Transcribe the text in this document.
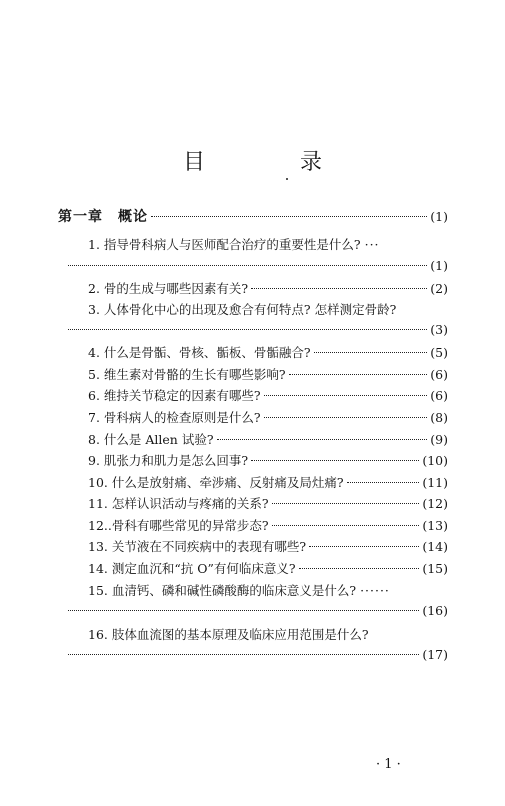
目 录
第一章　概论	(1)
1. 指导骨科病人与医师配合治疗的重要性是什么? ···
(1)
2. 骨的生成与哪些因素有关?	(2)
3. 人体骨化中心的出现及愈合有何特点? 怎样测定骨龄?
(3)
4. 什么是骨骺、骨核、骺板、骨骺融合?	(5)
5. 维生素对骨骼的生长有哪些影响?	(6)
6. 维持关节稳定的因素有哪些?	(6)
7. 骨科病人的检查原则是什么?	(8)
8. 什么是 Allen 试验?	(9)
9. 肌张力和肌力是怎么回事?	(10)
10. 什么是放射痛、牵涉痛、反射痛及局灶痛?	(11)
11. 怎样认识活动与疼痛的关系?	(12)
12..骨科有哪些常见的异常步态?	(13)
13. 关节液在不同疾病中的表现有哪些?	(14)
14. 测定血沉和“抗 O”有何临床意义?	(15)
15. 血清钙、磷和碱性磷酸酶的临床意义是什么? ······
(16)
16. 肢体血流图的基本原理及临床应用范围是什么?
(17)
· 1 ·
